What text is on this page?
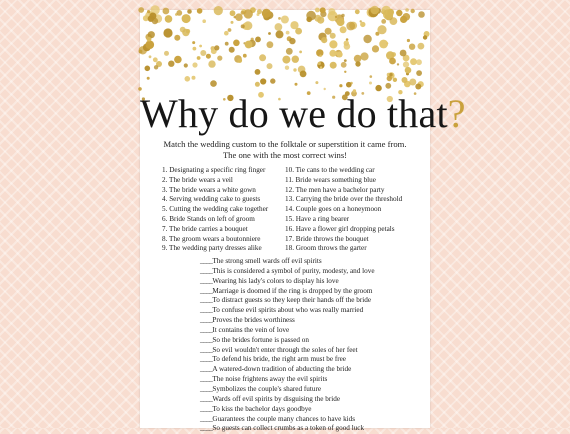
Why do we do that?
Match the wedding custom to the folktale or superstition it came from.
The one with the most correct wins!
1. Designating a specific ring finger
2. The bride wears a veil
3. The bride wears a white gown
4. Serving wedding cake to guests
5. Cutting the wedding cake together
6. Bride Stands on left of groom
7. The bride carries a bouquet
8. The groom wears a boutonniere
9. The wedding party dresses alike
10. Tie cans to the wedding car
11. Bride wears something blue
12. The men have a bachelor party
13. Carrying the bride over the threshold
14. Couple goes on a honeymoon
15. Have a ring bearer
16. Have a flower girl dropping petals
17. Bride throws the bouquet
18. Groom throws the garter
____The strong smell wards off evil spirits
____This is considered a symbol of purity, modesty, and love
____Wearing his lady's colors to display his love
____Marriage is doomed if the ring is dropped by the groom
____To distract guests so they keep their hands off the bride
____To confuse evil spirits about who was really married
____Proves the brides worthiness
____It contains the vein of love
____So the brides fortune is passed on
____So evil wouldn't enter through the soles of her feet
____To defend his bride, the right arm must be free
____A watered-down tradition of abducting the bride
____The noise frightens away the evil spirits
____Symbolizes the couple's shared future
____Wards off evil spirits by disguising the bride
____To kiss the bachelor days goodbye
____Guarantees the couple many chances to have kids
____So guests can collect crumbs as a token of good luck
